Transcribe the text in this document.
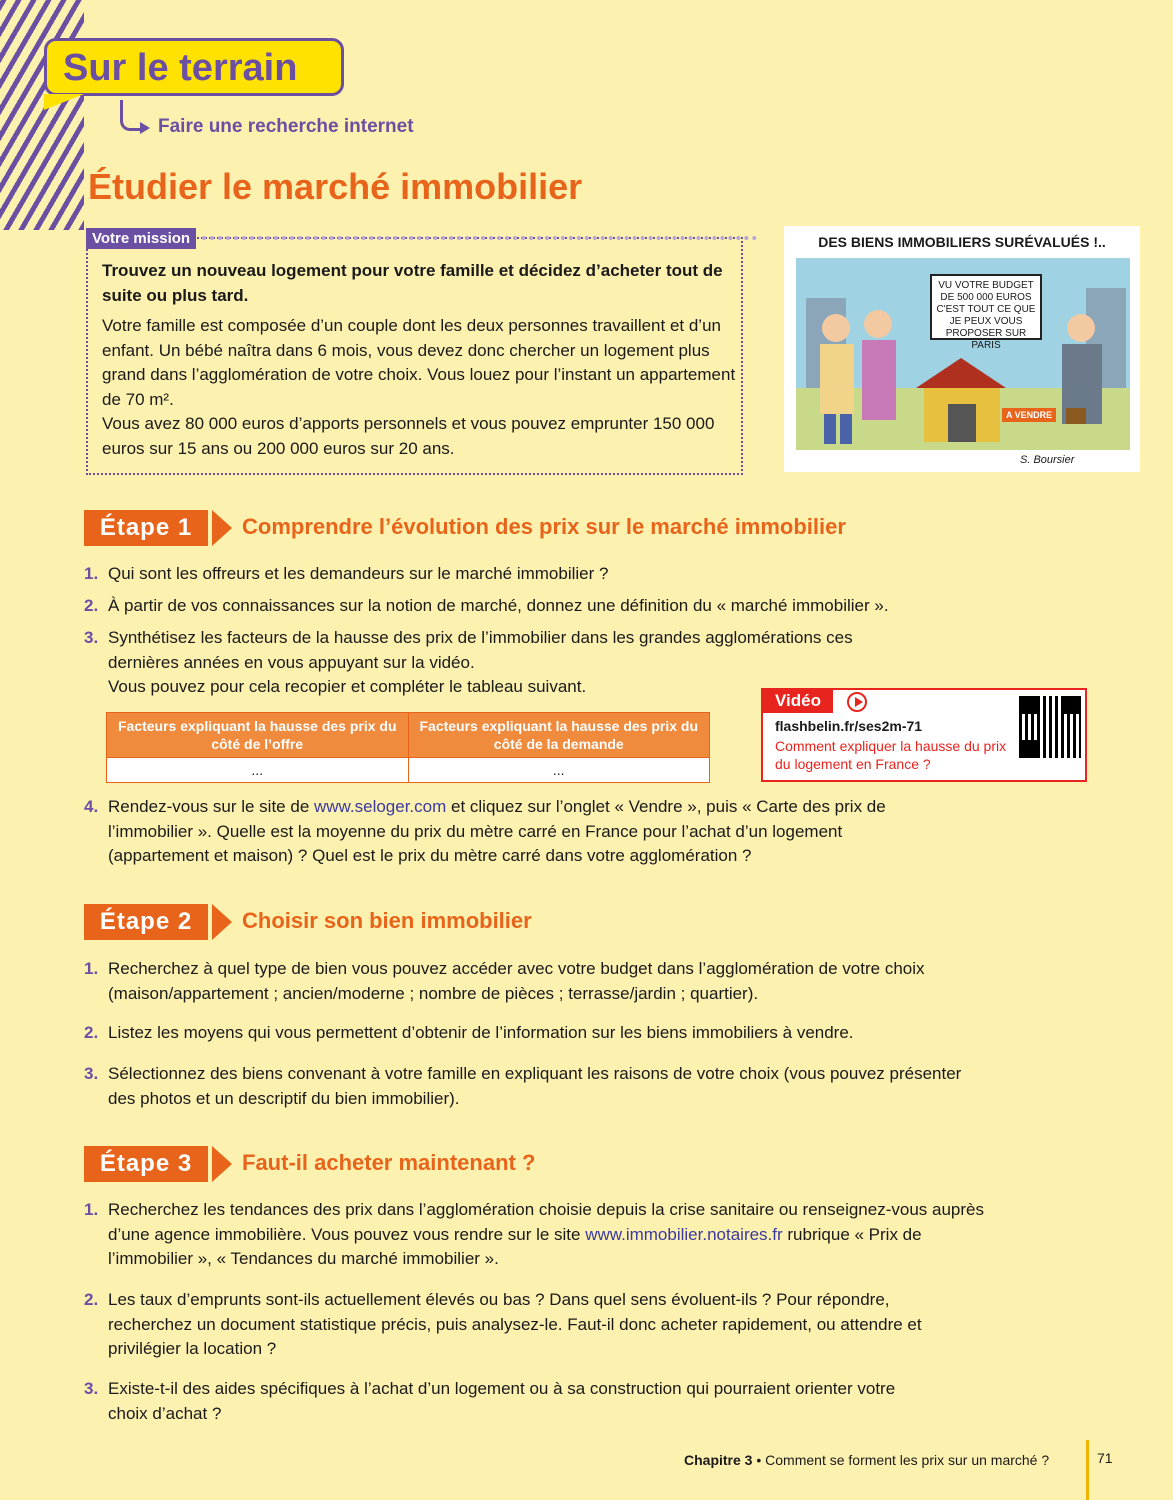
Sur le terrain
Faire une recherche internet
Étudier le marché immobilier
Votre mission
Trouvez un nouveau logement pour votre famille et décidez d’acheter tout de suite ou plus tard.
Votre famille est composée d’un couple dont les deux personnes travaillent et d’un enfant. Un bébé naîtra dans 6 mois, vous devez donc chercher un logement plus grand dans l’agglomération de votre choix. Vous louez pour l’instant un appartement de 70 m².
Vous avez 80 000 euros d’apports personnels et vous pouvez emprunter 150 000 euros sur 15 ans ou 200 000 euros sur 20 ans.
DES BIENS IMMOBILIERS SURÉVALUÉS !..
VU VOTRE BUDGET DE 500 000 EUROS C'EST TOUT CE QUE JE PEUX VOUS PROPOSER SUR PARIS
A VENDRE
S. Boursier
Étape 1	Comprendre l’évolution des prix sur le marché immobilier
1. Qui sont les offreurs et les demandeurs sur le marché immobilier ?
2. À partir de vos connaissances sur la notion de marché, donnez une définition du « marché immobilier ».
3. Synthétisez les facteurs de la hausse des prix de l’immobilier dans les grandes agglomérations ces dernières années en vous appuyant sur la vidéo.
Vous pouvez pour cela recopier et compléter le tableau suivant.
Facteurs expliquant la hausse des prix du côté de l’offre	Facteurs expliquant la hausse des prix du côté de la demande
...	...
Vidéo
flashbelin.fr/ses2m-71
Comment expliquer la hausse du prix du logement en France ?
4. Rendez-vous sur le site de www.seloger.com et cliquez sur l’onglet « Vendre », puis « Carte des prix de l’immobilier ». Quelle est la moyenne du prix du mètre carré en France pour l’achat d’un logement (appartement et maison) ? Quel est le prix du mètre carré dans votre agglomération ?
Étape 2	Choisir son bien immobilier
1. Recherchez à quel type de bien vous pouvez accéder avec votre budget dans l’agglomération de votre choix (maison/appartement ; ancien/moderne ; nombre de pièces ; terrasse/jardin ; quartier).
2. Listez les moyens qui vous permettent d’obtenir de l’information sur les biens immobiliers à vendre.
3. Sélectionnez des biens convenant à votre famille en expliquant les raisons de votre choix (vous pouvez présenter des photos et un descriptif du bien immobilier).
Étape 3	Faut-il acheter maintenant ?
1. Recherchez les tendances des prix dans l’agglomération choisie depuis la crise sanitaire ou renseignez-vous auprès d’une agence immobilière. Vous pouvez vous rendre sur le site www.immobilier.notaires.fr rubrique « Prix de l’immobilier », « Tendances du marché immobilier ».
2. Les taux d’emprunts sont-ils actuellement élevés ou bas ? Dans quel sens évoluent-ils ? Pour répondre, recherchez un document statistique précis, puis analysez-le. Faut-il donc acheter rapidement, ou attendre et privilégier la location ?
3. Existe-t-il des aides spécifiques à l’achat d’un logement ou à sa construction qui pourraient orienter votre choix d’achat ?
Chapitre 3 • Comment se forment les prix sur un marché ?	71
